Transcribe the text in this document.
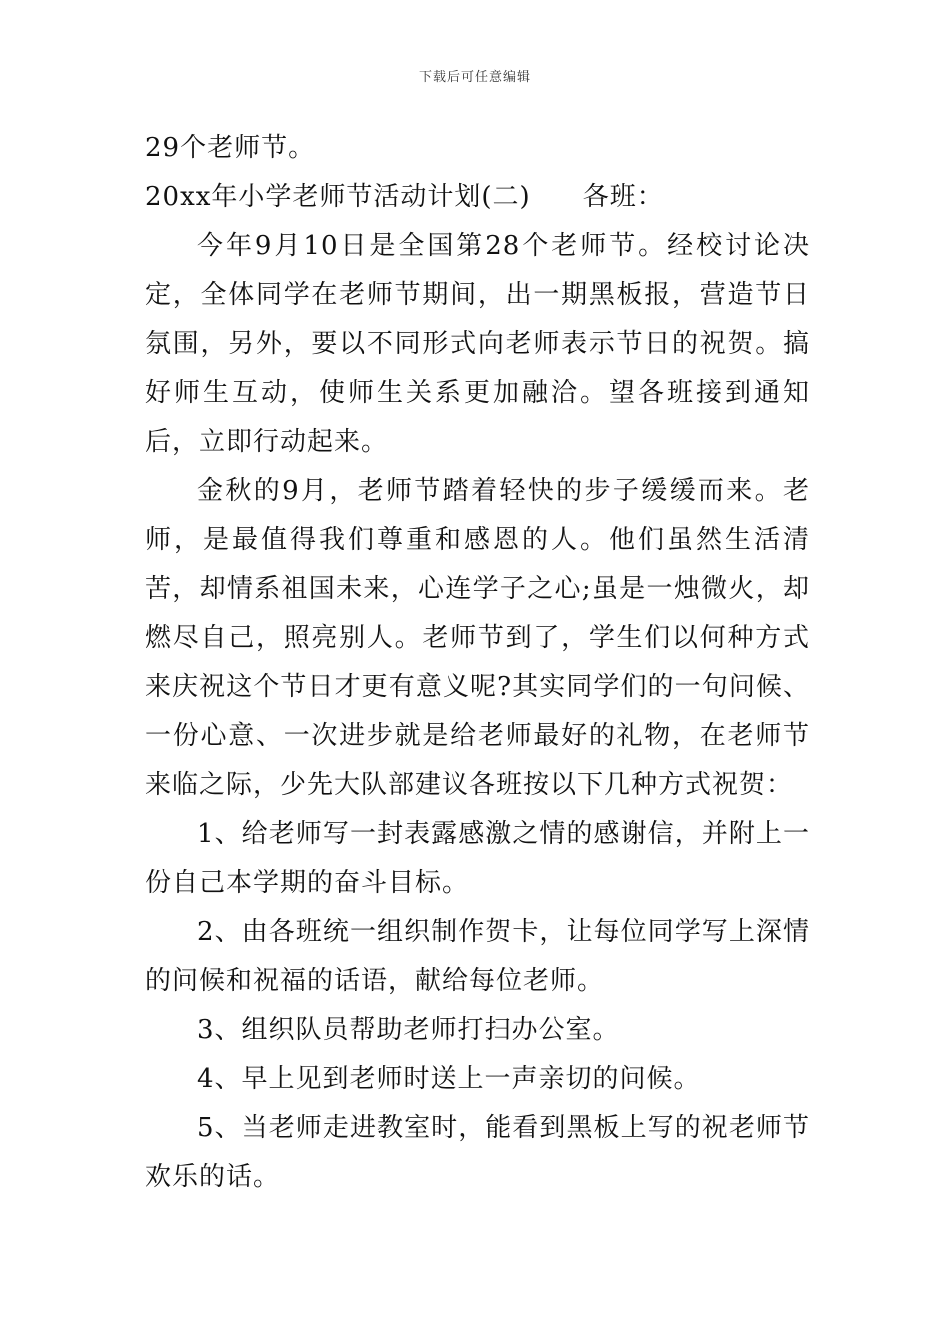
下载后可任意编辑

29个老师节。

20xx年小学老师节活动计划(二) 各班：

今年9月10日是全国第28个老师节。经校讨论决定，全体同学在老师节期间，出一期黑板报，营造节日氛围，另外，要以不同形式向老师表示节日的祝贺。搞好师生互动，使师生关系更加融洽。望各班接到通知后，立即行动起来。

金秋的9月，老师节踏着轻快的步子缓缓而来。老师，是最值得我们尊重和感恩的人。他们虽然生活清苦，却情系祖国未来，心连学子之心;虽是一烛微火，却燃尽自己，照亮别人。老师节到了，学生们以何种方式来庆祝这个节日才更有意义呢?其实同学们的一句问候、一份心意、一次进步就是给老师最好的礼物，在老师节来临之际，少先大队部建议各班按以下几种方式祝贺：

1、给老师写一封表露感激之情的感谢信，并附上一份自己本学期的奋斗目标。

2、由各班统一组织制作贺卡，让每位同学写上深情的问候和祝福的话语，献给每位老师。

3、组织队员帮助老师打扫办公室。

4、早上见到老师时送上一声亲切的问候。

5、当老师走进教室时，能看到黑板上写的祝老师节欢乐的话。
